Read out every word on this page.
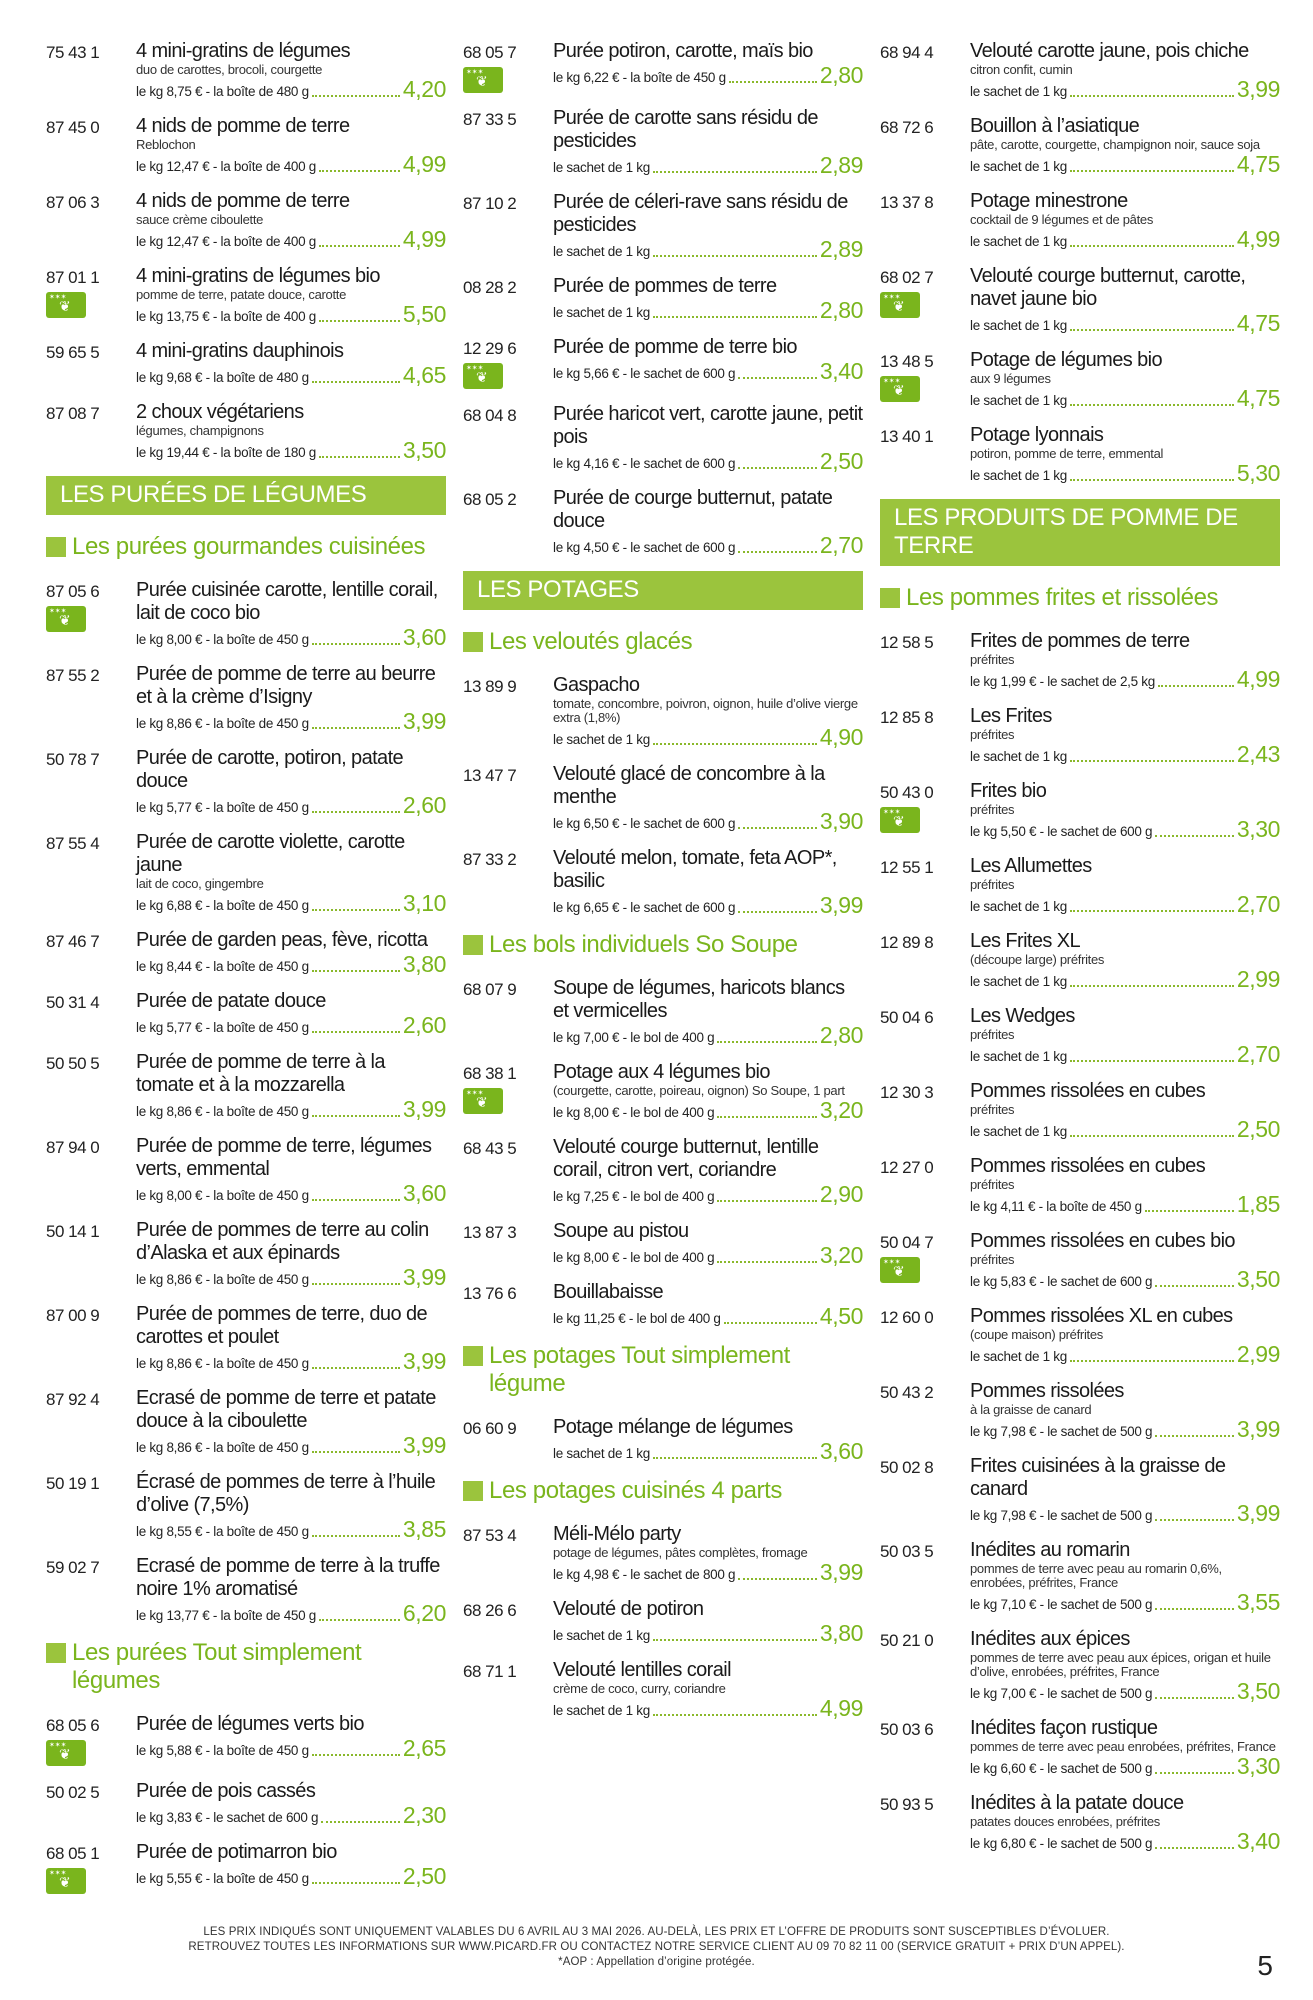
75 43 1	4 mini-gratins de légumes
duo de carottes, brocoli, courgette
le kg 8,75 € - la boîte de 480 g	4,20
87 45 0	4 nids de pomme de terre
Reblochon
le kg 12,47 € - la boîte de 400 g	4,99
87 06 3	4 nids de pomme de terre
sauce crème ciboulette
le kg 12,47 € - la boîte de 400 g	4,99
87 01 1
✶ ✶ ✶ ❦	4 mini-gratins de légumes bio
pomme de terre, patate douce, carotte
le kg 13,75 € - la boîte de 400 g	5,50
59 65 5	4 mini-gratins dauphinois
le kg 9,68 € - la boîte de 480 g	4,65
87 08 7	2 choux végétariens
légumes, champignons
le kg 19,44 € - la boîte de 180 g	3,50
LES PURÉES DE LÉGUMES
Les purées gourmandes cuisinées
87 05 6
✶ ✶ ✶ ❦	Purée cuisinée carotte, lentille corail, lait de coco bio
le kg 8,00 € - la boîte de 450 g	3,60
87 55 2	Purée de pomme de terre au beurre et à la crème d’Isigny
le kg 8,86 € - la boîte de 450 g	3,99
50 78 7	Purée de carotte, potiron, patate douce
le kg 5,77 € - la boîte de 450 g	2,60
87 55 4	Purée de carotte violette, carotte jaune
lait de coco, gingembre
le kg 6,88 € - la boîte de 450 g	3,10
87 46 7	Purée de garden peas, fève, ricotta
le kg 8,44 € - la boîte de 450 g	3,80
50 31 4	Purée de patate douce
le kg 5,77 € - la boîte de 450 g	2,60
50 50 5	Purée de pomme de terre à la tomate et à la mozzarella
le kg 8,86 € - la boîte de 450 g	3,99
87 94 0	Purée de pomme de terre, légumes verts, emmental
le kg 8,00 € - la boîte de 450 g	3,60
50 14 1	Purée de pommes de terre au colin d’Alaska et aux épinards
le kg 8,86 € - la boîte de 450 g	3,99
87 00 9	Purée de pommes de terre, duo de carottes et poulet
le kg 8,86 € - la boîte de 450 g	3,99
87 92 4	Ecrasé de pomme de terre et patate douce à la ciboulette
le kg 8,86 € - la boîte de 450 g	3,99
50 19 1	Écrasé de pommes de terre à l’huile d’olive (7,5%)
le kg 8,55 € - la boîte de 450 g	3,85
59 02 7	Ecrasé de pomme de terre à la truffe noire 1% aromatisé
le kg 13,77 € - la boîte de 450 g	6,20
Les purées Tout simplement légumes
68 05 6
✶ ✶ ✶ ❦	Purée de légumes verts bio
le kg 5,88 € - la boîte de 450 g	2,65
50 02 5	Purée de pois cassés
le kg 3,83 € - le sachet de 600 g	2,30
68 05 1
✶ ✶ ✶ ❦	Purée de potimarron bio
le kg 5,55 € - la boîte de 450 g	2,50
68 05 7
✶ ✶ ✶ ❦	Purée potiron, carotte, maïs bio
le kg 6,22 € - la boîte de 450 g	2,80
87 33 5	Purée de carotte sans résidu de pesticides
le sachet de 1 kg	2,89
87 10 2	Purée de céleri-rave sans résidu de pesticides
le sachet de 1 kg	2,89
08 28 2	Purée de pommes de terre
le sachet de 1 kg	2,80
12 29 6
✶ ✶ ✶ ❦	Purée de pomme de terre bio
le kg 5,66 € - le sachet de 600 g	3,40
68 04 8	Purée haricot vert, carotte jaune, petit pois
le kg 4,16 € - le sachet de 600 g	2,50
68 05 2	Purée de courge butternut, patate douce
le kg 4,50 € - le sachet de 600 g	2,70
LES POTAGES
Les veloutés glacés
13 89 9	Gaspacho
tomate, concombre, poivron, oignon, huile d’olive vierge extra (1,8%)
le sachet de 1 kg	4,90
13 47 7	Velouté glacé de concombre à la menthe
le kg 6,50 € - le sachet de 600 g	3,90
87 33 2	Velouté melon, tomate, feta AOP*, basilic
le kg 6,65 € - le sachet de 600 g	3,99
Les bols individuels So Soupe
68 07 9	Soupe de légumes, haricots blancs et vermicelles
le kg 7,00 € - le bol de 400 g	2,80
68 38 1
✶ ✶ ✶ ❦	Potage aux 4 légumes bio
(courgette, carotte, poireau, oignon) So Soupe, 1 part
le kg 8,00 € - le bol de 400 g	3,20
68 43 5	Velouté courge butternut, lentille corail, citron vert, coriandre
le kg 7,25 € - le bol de 400 g	2,90
13 87 3	Soupe au pistou
le kg 8,00 € - le bol de 400 g	3,20
13 76 6	Bouillabaisse
le kg 11,25 € - le bol de 400 g	4,50
Les potages Tout simplement légume
06 60 9	Potage mélange de légumes
le sachet de 1 kg	3,60
Les potages cuisinés 4 parts
87 53 4	Méli-Mélo party
potage de légumes, pâtes complètes, fromage
le kg 4,98 € - le sachet de 800 g	3,99
68 26 6	Velouté de potiron
le sachet de 1 kg	3,80
68 71 1	Velouté lentilles corail
crème de coco, curry, coriandre
le sachet de 1 kg	4,99
68 94 4	Velouté carotte jaune, pois chiche
citron confit, cumin
le sachet de 1 kg	3,99
68 72 6	Bouillon à l’asiatique
pâte, carotte, courgette, champignon noir, sauce soja
le sachet de 1 kg	4,75
13 37 8	Potage minestrone
cocktail de 9 légumes et de pâtes
le sachet de 1 kg	4,99
68 02 7
✶ ✶ ✶ ❦	Velouté courge butternut, carotte, navet jaune bio
le sachet de 1 kg	4,75
13 48 5
✶ ✶ ✶ ❦	Potage de légumes bio
aux 9 légumes
le sachet de 1 kg	4,75
13 40 1	Potage lyonnais
potiron, pomme de terre, emmental
le sachet de 1 kg	5,30
LES PRODUITS DE POMME DE TERRE
Les pommes frites et rissolées
12 58 5	Frites de pommes de terre
préfrites
le kg 1,99 € - le sachet de 2,5 kg	4,99
12 85 8	Les Frites
préfrites
le sachet de 1 kg	2,43
50 43 0
✶ ✶ ✶ ❦	Frites bio
préfrites
le kg 5,50 € - le sachet de 600 g	3,30
12 55 1	Les Allumettes
préfrites
le sachet de 1 kg	2,70
12 89 8	Les Frites XL
(découpe large) préfrites
le sachet de 1 kg	2,99
50 04 6	Les Wedges
préfrites
le sachet de 1 kg	2,70
12 30 3	Pommes rissolées en cubes
préfrites
le sachet de 1 kg	2,50
12 27 0	Pommes rissolées en cubes
préfrites
le kg 4,11 € - la boîte de 450 g	1,85
50 04 7
✶ ✶ ✶ ❦	Pommes rissolées en cubes bio
préfrites
le kg 5,83 € - le sachet de 600 g	3,50
12 60 0	Pommes rissolées XL en cubes
(coupe maison) préfrites
le sachet de 1 kg	2,99
50 43 2	Pommes rissolées
à la graisse de canard
le kg 7,98 € - le sachet de 500 g	3,99
50 02 8	Frites cuisinées à la graisse de canard
le kg 7,98 € - le sachet de 500 g	3,99
50 03 5	Inédites au romarin
pommes de terre avec peau au romarin 0,6%, enrobées, préfrites, France
le kg 7,10 € - le sachet de 500 g	3,55
50 21 0	Inédites aux épices
pommes de terre avec peau aux épices, origan et huile d’olive, enrobées, préfrites, France
le kg 7,00 € - le sachet de 500 g	3,50
50 03 6	Inédites façon rustique
pommes de terre avec peau enrobées, préfrites, France
le kg 6,60 € - le sachet de 500 g	3,30
50 93 5	Inédites à la patate douce
patates douces enrobées, préfrites
le kg 6,80 € - le sachet de 500 g	3,40
LES PRIX INDIQUÉS SONT UNIQUEMENT VALABLES DU 6 AVRIL AU 3 MAI 2026. AU-DELÀ, LES PRIX ET L’OFFRE DE PRODUITS SONT SUSCEPTIBLES D’ÉVOLUER.
RETROUVEZ TOUTES LES INFORMATIONS SUR WWW.PICARD.FR OU CONTACTEZ NOTRE SERVICE CLIENT AU 09 70 82 11 00 (SERVICE GRATUIT + PRIX D’UN APPEL).
*AOP : Appellation d’origine protégée.	5
